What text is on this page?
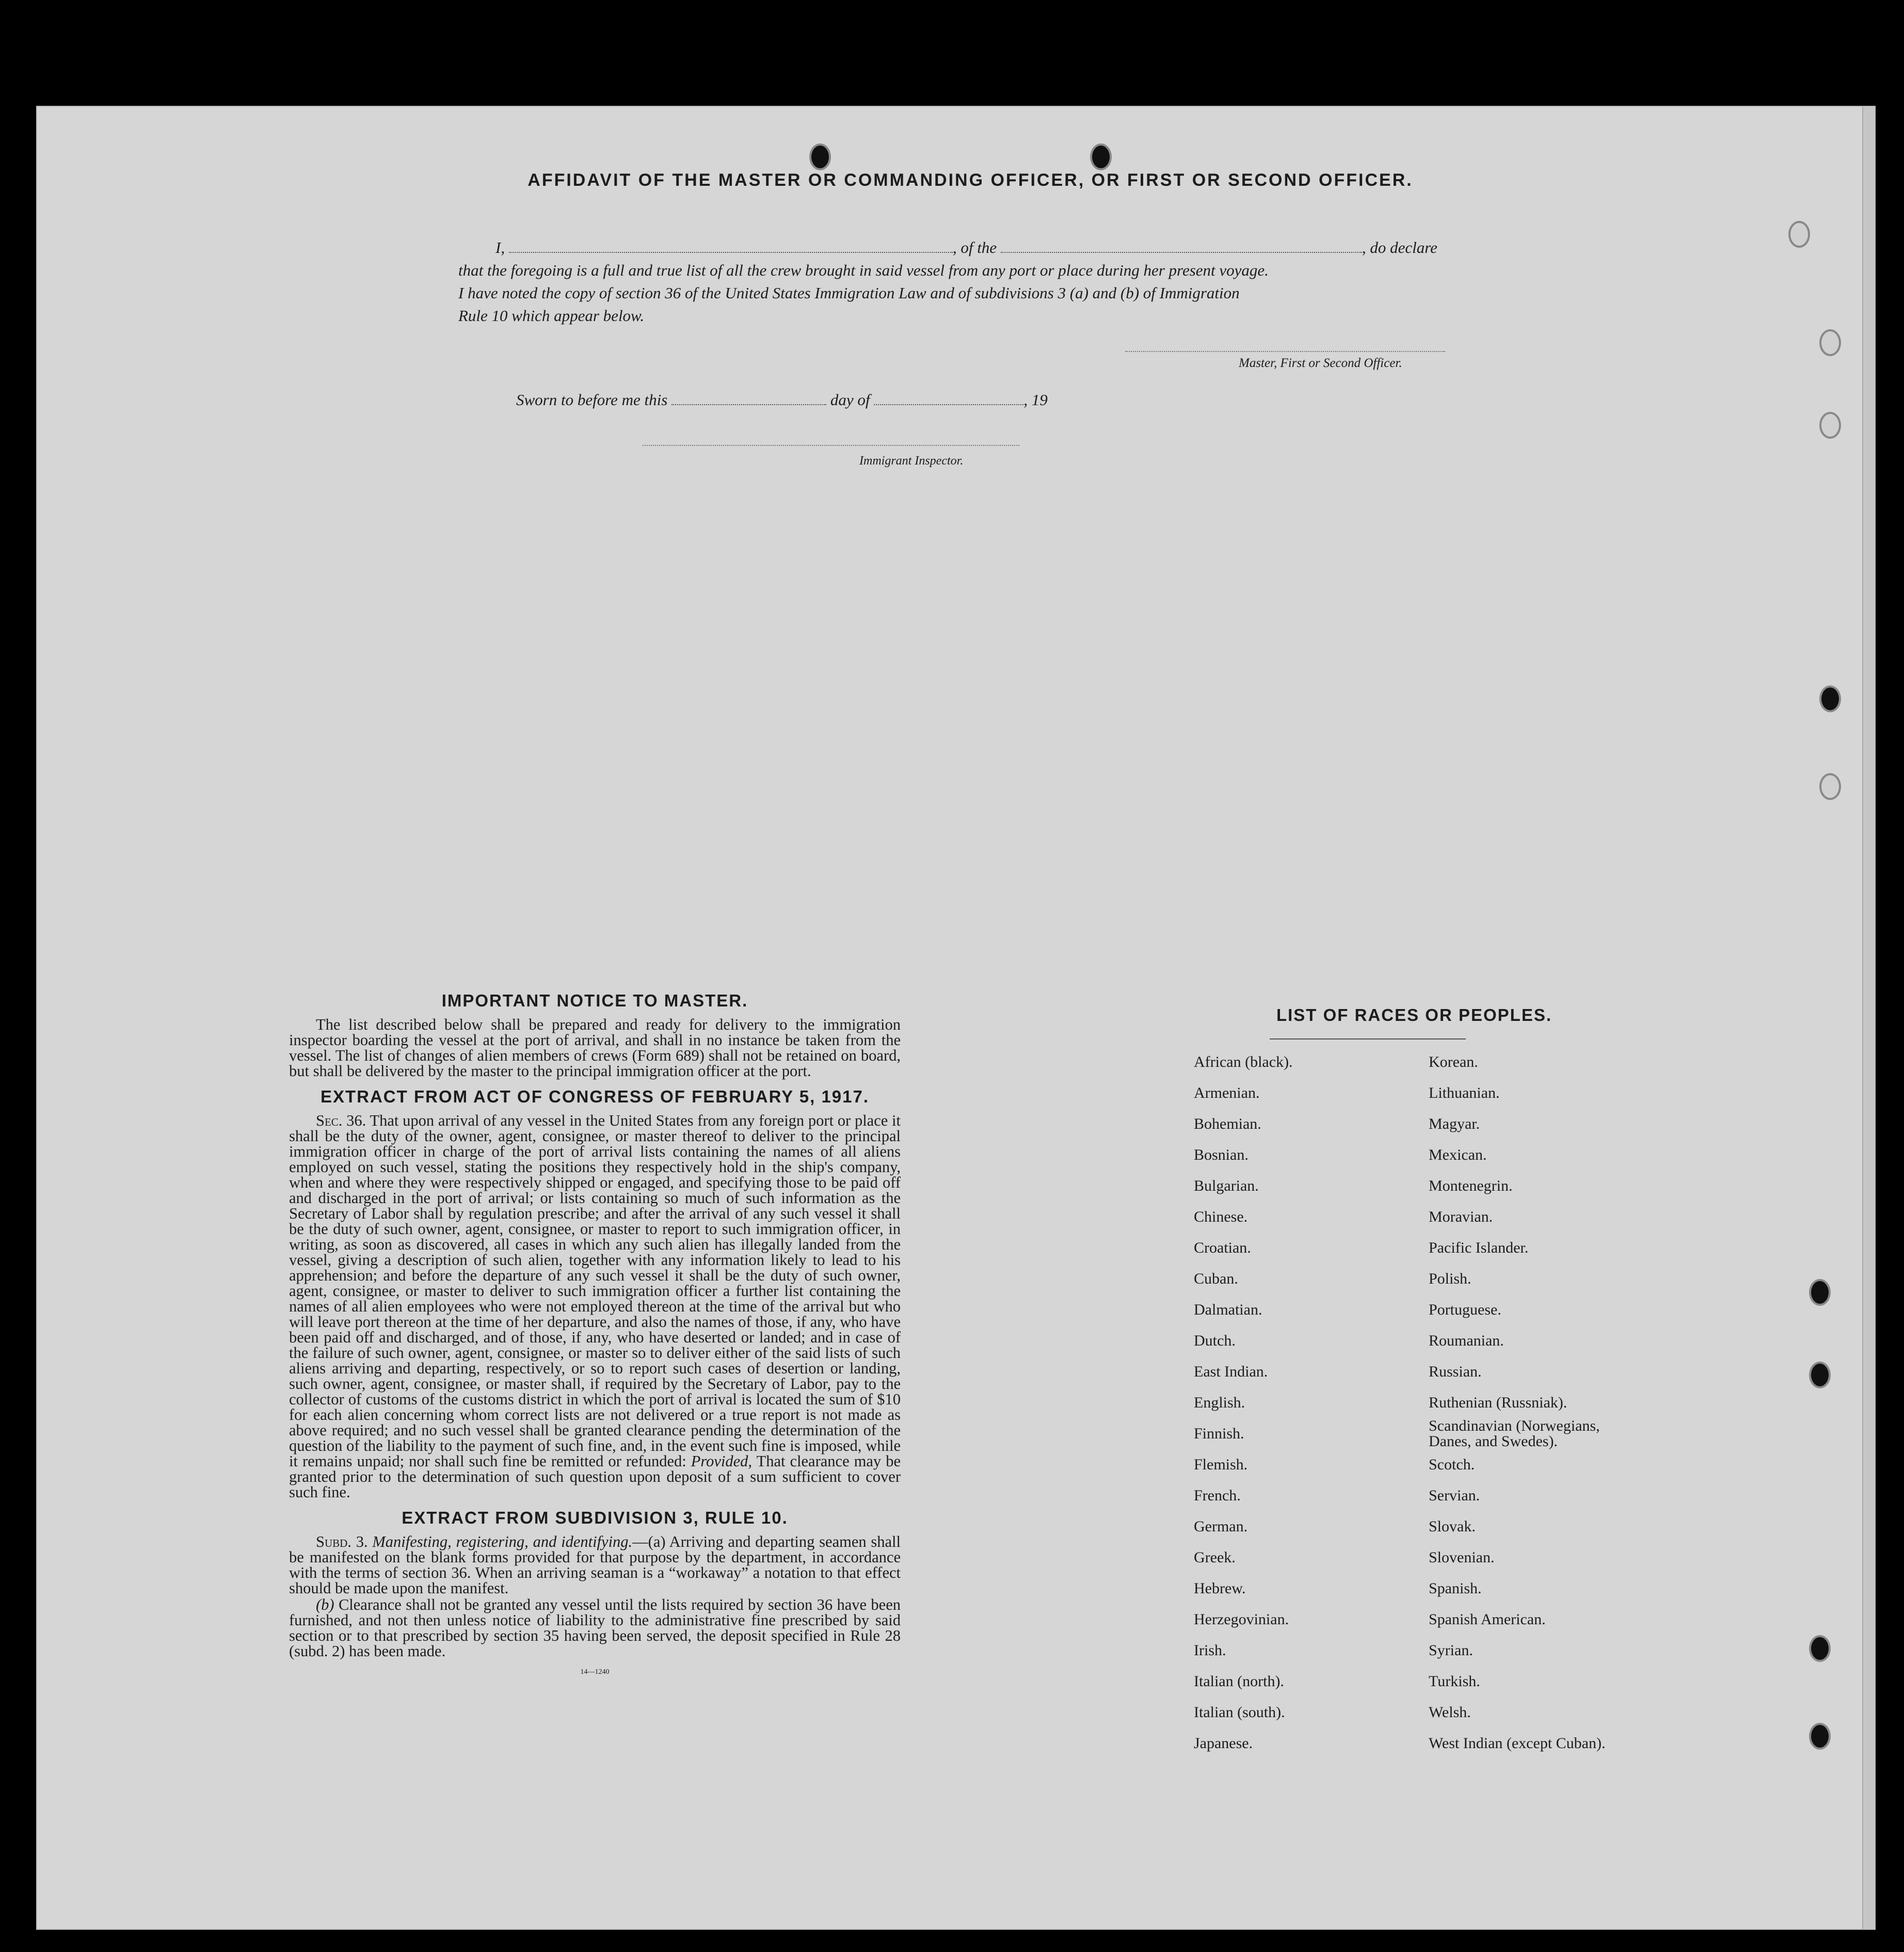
AFFIDAVIT OF THE MASTER OR COMMANDING OFFICER, OR FIRST OR SECOND OFFICER.
I,	, of the	, do declare
that the foregoing is a full and true list of all the crew brought in said vessel from any port or place during her present voyage.
I have noted the copy of section 36 of the United States Immigration Law and of subdivisions 3 (a) and (b) of Immigration
Rule 10 which appear below.
Master, First or Second Officer.
Sworn to before me this	day of	, 19
Immigrant Inspector.
IMPORTANT NOTICE TO MASTER.

The list described below shall be prepared and ready for delivery to the immigration inspector boarding the vessel at the port of arrival, and shall in no instance be taken from the vessel. The list of changes of alien members of crews (Form 689) shall not be retained on board, but shall be delivered by the master to the principal immigration officer at the port.

EXTRACT FROM ACT OF CONGRESS OF FEBRUARY 5, 1917.

Sec. 36. That upon arrival of any vessel in the United States from any foreign port or place it shall be the duty of the owner, agent, consignee, or master thereof to deliver to the principal immigration officer in charge of the port of arrival lists containing the names of all aliens employed on such vessel, stating the positions they respectively hold in the ship's company, when and where they were respectively shipped or engaged, and specifying those to be paid off and discharged in the port of arrival; or lists containing so much of such information as the Secretary of Labor shall by regulation prescribe; and after the arrival of any such vessel it shall be the duty of such owner, agent, consignee, or master to report to such immigration officer, in writing, as soon as discovered, all cases in which any such alien has illegally landed from the vessel, giving a description of such alien, together with any information likely to lead to his apprehension; and before the departure of any such vessel it shall be the duty of such owner, agent, consignee, or master to deliver to such immigration officer a further list containing the names of all alien employees who were not employed thereon at the time of the arrival but who will leave port thereon at the time of her departure, and also the names of those, if any, who have been paid off and discharged, and of those, if any, who have deserted or landed; and in case of the failure of such owner, agent, consignee, or master so to deliver either of the said lists of such aliens arriving and departing, respectively, or so to report such cases of desertion or landing, such owner, agent, consignee, or master shall, if required by the Secretary of Labor, pay to the collector of customs of the customs district in which the port of arrival is located the sum of $10 for each alien concerning whom correct lists are not delivered or a true report is not made as above required; and no such vessel shall be granted clearance pending the determination of the question of the liability to the payment of such fine, and, in the event such fine is imposed, while it remains unpaid; nor shall such fine be remitted or refunded: Provided, That clearance may be granted prior to the determination of such question upon deposit of a sum sufficient to cover such fine.

EXTRACT FROM SUBDIVISION 3, RULE 10.

Subd. 3. Manifesting, registering, and identifying.—(a) Arriving and departing seamen shall be manifested on the blank forms provided for that purpose by the department, in accordance with the terms of section 36. When an arriving seaman is a “workaway” a notation to that effect should be made upon the manifest.

(b) Clearance shall not be granted any vessel until the lists required by section 36 have been furnished, and not then unless notice of liability to the administrative fine prescribed by said section or to that prescribed by section 35 having been served, the deposit specified in Rule 28 (subd. 2) has been made.

14—1240
LIST OF RACES OR PEOPLES.
African (black).
Armenian.
Bohemian.
Bosnian.
Bulgarian.
Chinese.
Croatian.
Cuban.
Dalmatian.
Dutch.
East Indian.
English.
Finnish.
Flemish.
French.
German.
Greek.
Hebrew.
Herzegovinian.
Irish.
Italian (north).
Italian (south).
Japanese.
Korean.
Lithuanian.
Magyar.
Mexican.
Montenegrin.
Moravian.
Pacific Islander.
Polish.
Portuguese.
Roumanian.
Russian.
Ruthenian (Russniak).
Scandinavian (Norwegians, Danes, and Swedes).
Scotch.
Servian.
Slovak.
Slovenian.
Spanish.
Spanish American.
Syrian.
Turkish.
Welsh.
West Indian (except Cuban).
